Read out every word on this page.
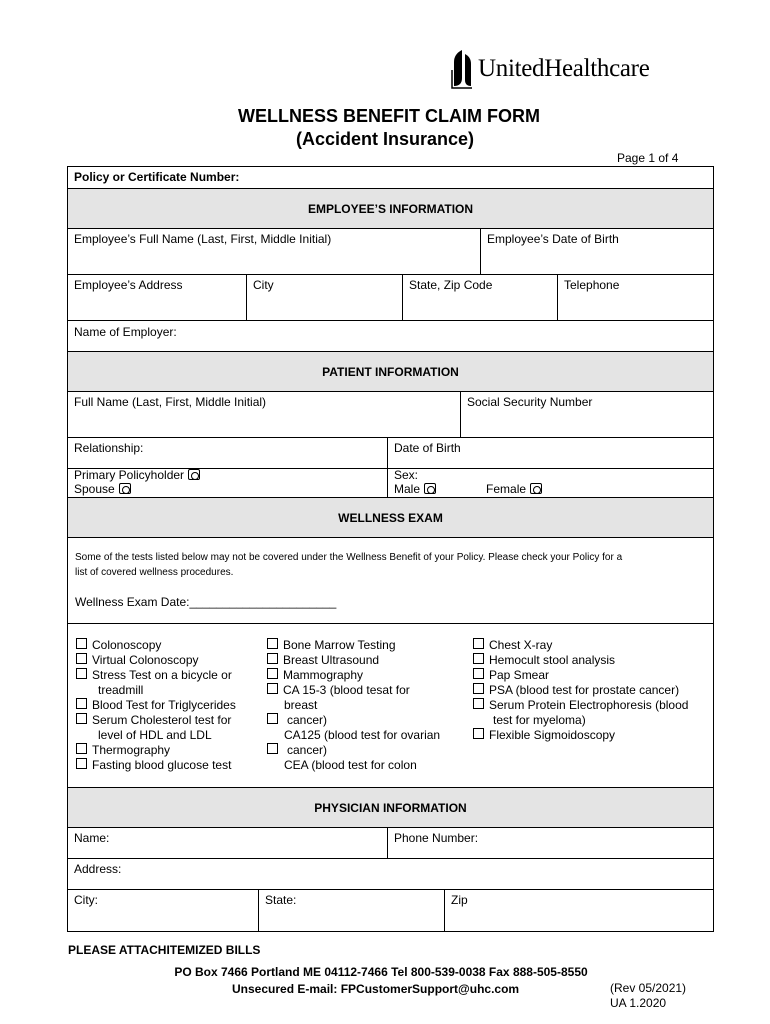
UnitedHealthcare
WELLNESS BENEFIT CLAIM FORM
(Accident Insurance)
Page 1 of 4
Policy or Certificate Number:
EMPLOYEE’S INFORMATION
Employee’s Full Name (Last, First, Middle Initial)	Employee’s Date of Birth
Employee’s Address	City	State, Zip Code	Telephone
Name of Employer:
PATIENT INFORMATION
Full Name (Last, First, Middle Initial)	Social Security Number
Relationship:	Date of Birth
Primary Policyholder
Spouse
Sex:
Male	Female
WELLNESS EXAM
Some of the tests listed below may not be covered under the Wellness Benefit of your Policy. Please check your Policy for a
list of covered wellness procedures.
Wellness Exam Date:______________________
Colonoscopy
Virtual Colonoscopy
Stress Test on a bicycle or
treadmill
Blood Test for Triglycerides
Serum Cholesterol test for
level of HDL and LDL
Thermography
Fasting blood glucose test
Bone Marrow Testing
Breast Ultrasound
Mammography
CA 15-3 (blood tesat for
breast
cancer)
CA125 (blood test for ovarian
cancer)
CEA (blood test for colon
Chest X-ray
Hemocult stool analysis
Pap Smear
PSA (blood test for prostate cancer)
Serum Protein Electrophoresis (blood
test for myeloma)
Flexible Sigmoidoscopy
PHYSICIAN INFORMATION
Name:	Phone Number:
Address:
City:	State:	Zip
PLEASE ATTACHITEMIZED BILLS
PO Box 7466 Portland ME 04112-7466 Tel 800-539-0038 Fax 888-505-8550
Unsecured E-mail: FPCustomerSupport@uhc.com	(Rev 05/2021)
UA 1.2020
